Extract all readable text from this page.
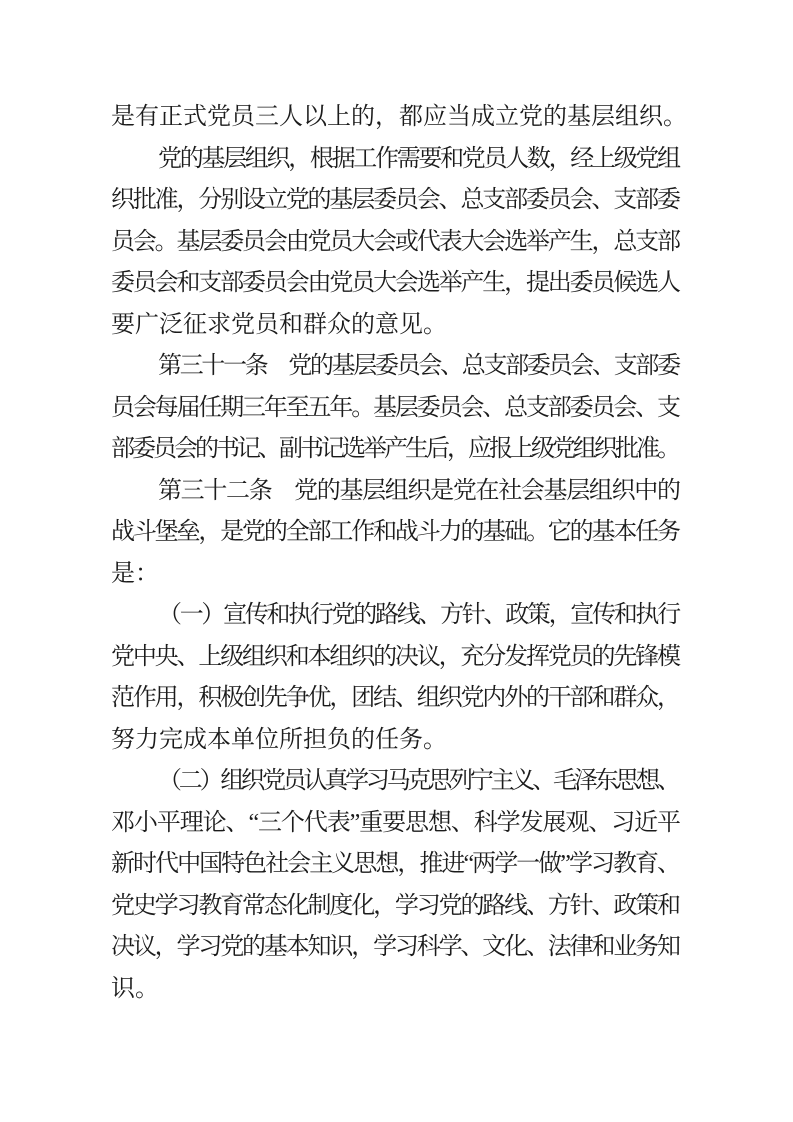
是有正式党员三人以上的，都应当成立党的基层组织。
党的基层组织，根据工作需要和党员人数，经上级党组
织批准，分别设立党的基层委员会、总支部委员会、支部委
员会。基层委员会由党员大会或代表大会选举产生，总支部
委员会和支部委员会由党员大会选举产生，提出委员候选人
要广泛征求党员和群众的意见。
第三十一条　党的基层委员会、总支部委员会、支部委
员会每届任期三年至五年。基层委员会、总支部委员会、支
部委员会的书记、副书记选举产生后，应报上级党组织批准。
第三十二条　党的基层组织是党在社会基层组织中的
战斗堡垒，是党的全部工作和战斗力的基础。它的基本任务
是：
（一）宣传和执行党的路线、方针、政策，宣传和执行
党中央、上级组织和本组织的决议，充分发挥党员的先锋模
范作用，积极创先争优，团结、组织党内外的干部和群众，
努力完成本单位所担负的任务。
（二）组织党员认真学习马克思列宁主义、毛泽东思想、
邓小平理论、“三个代表”重要思想、科学发展观、习近平
新时代中国特色社会主义思想，推进“两学一做”学习教育、
党史学习教育常态化制度化，学习党的路线、方针、政策和
决议，学习党的基本知识，学习科学、文化、法律和业务知
识。
